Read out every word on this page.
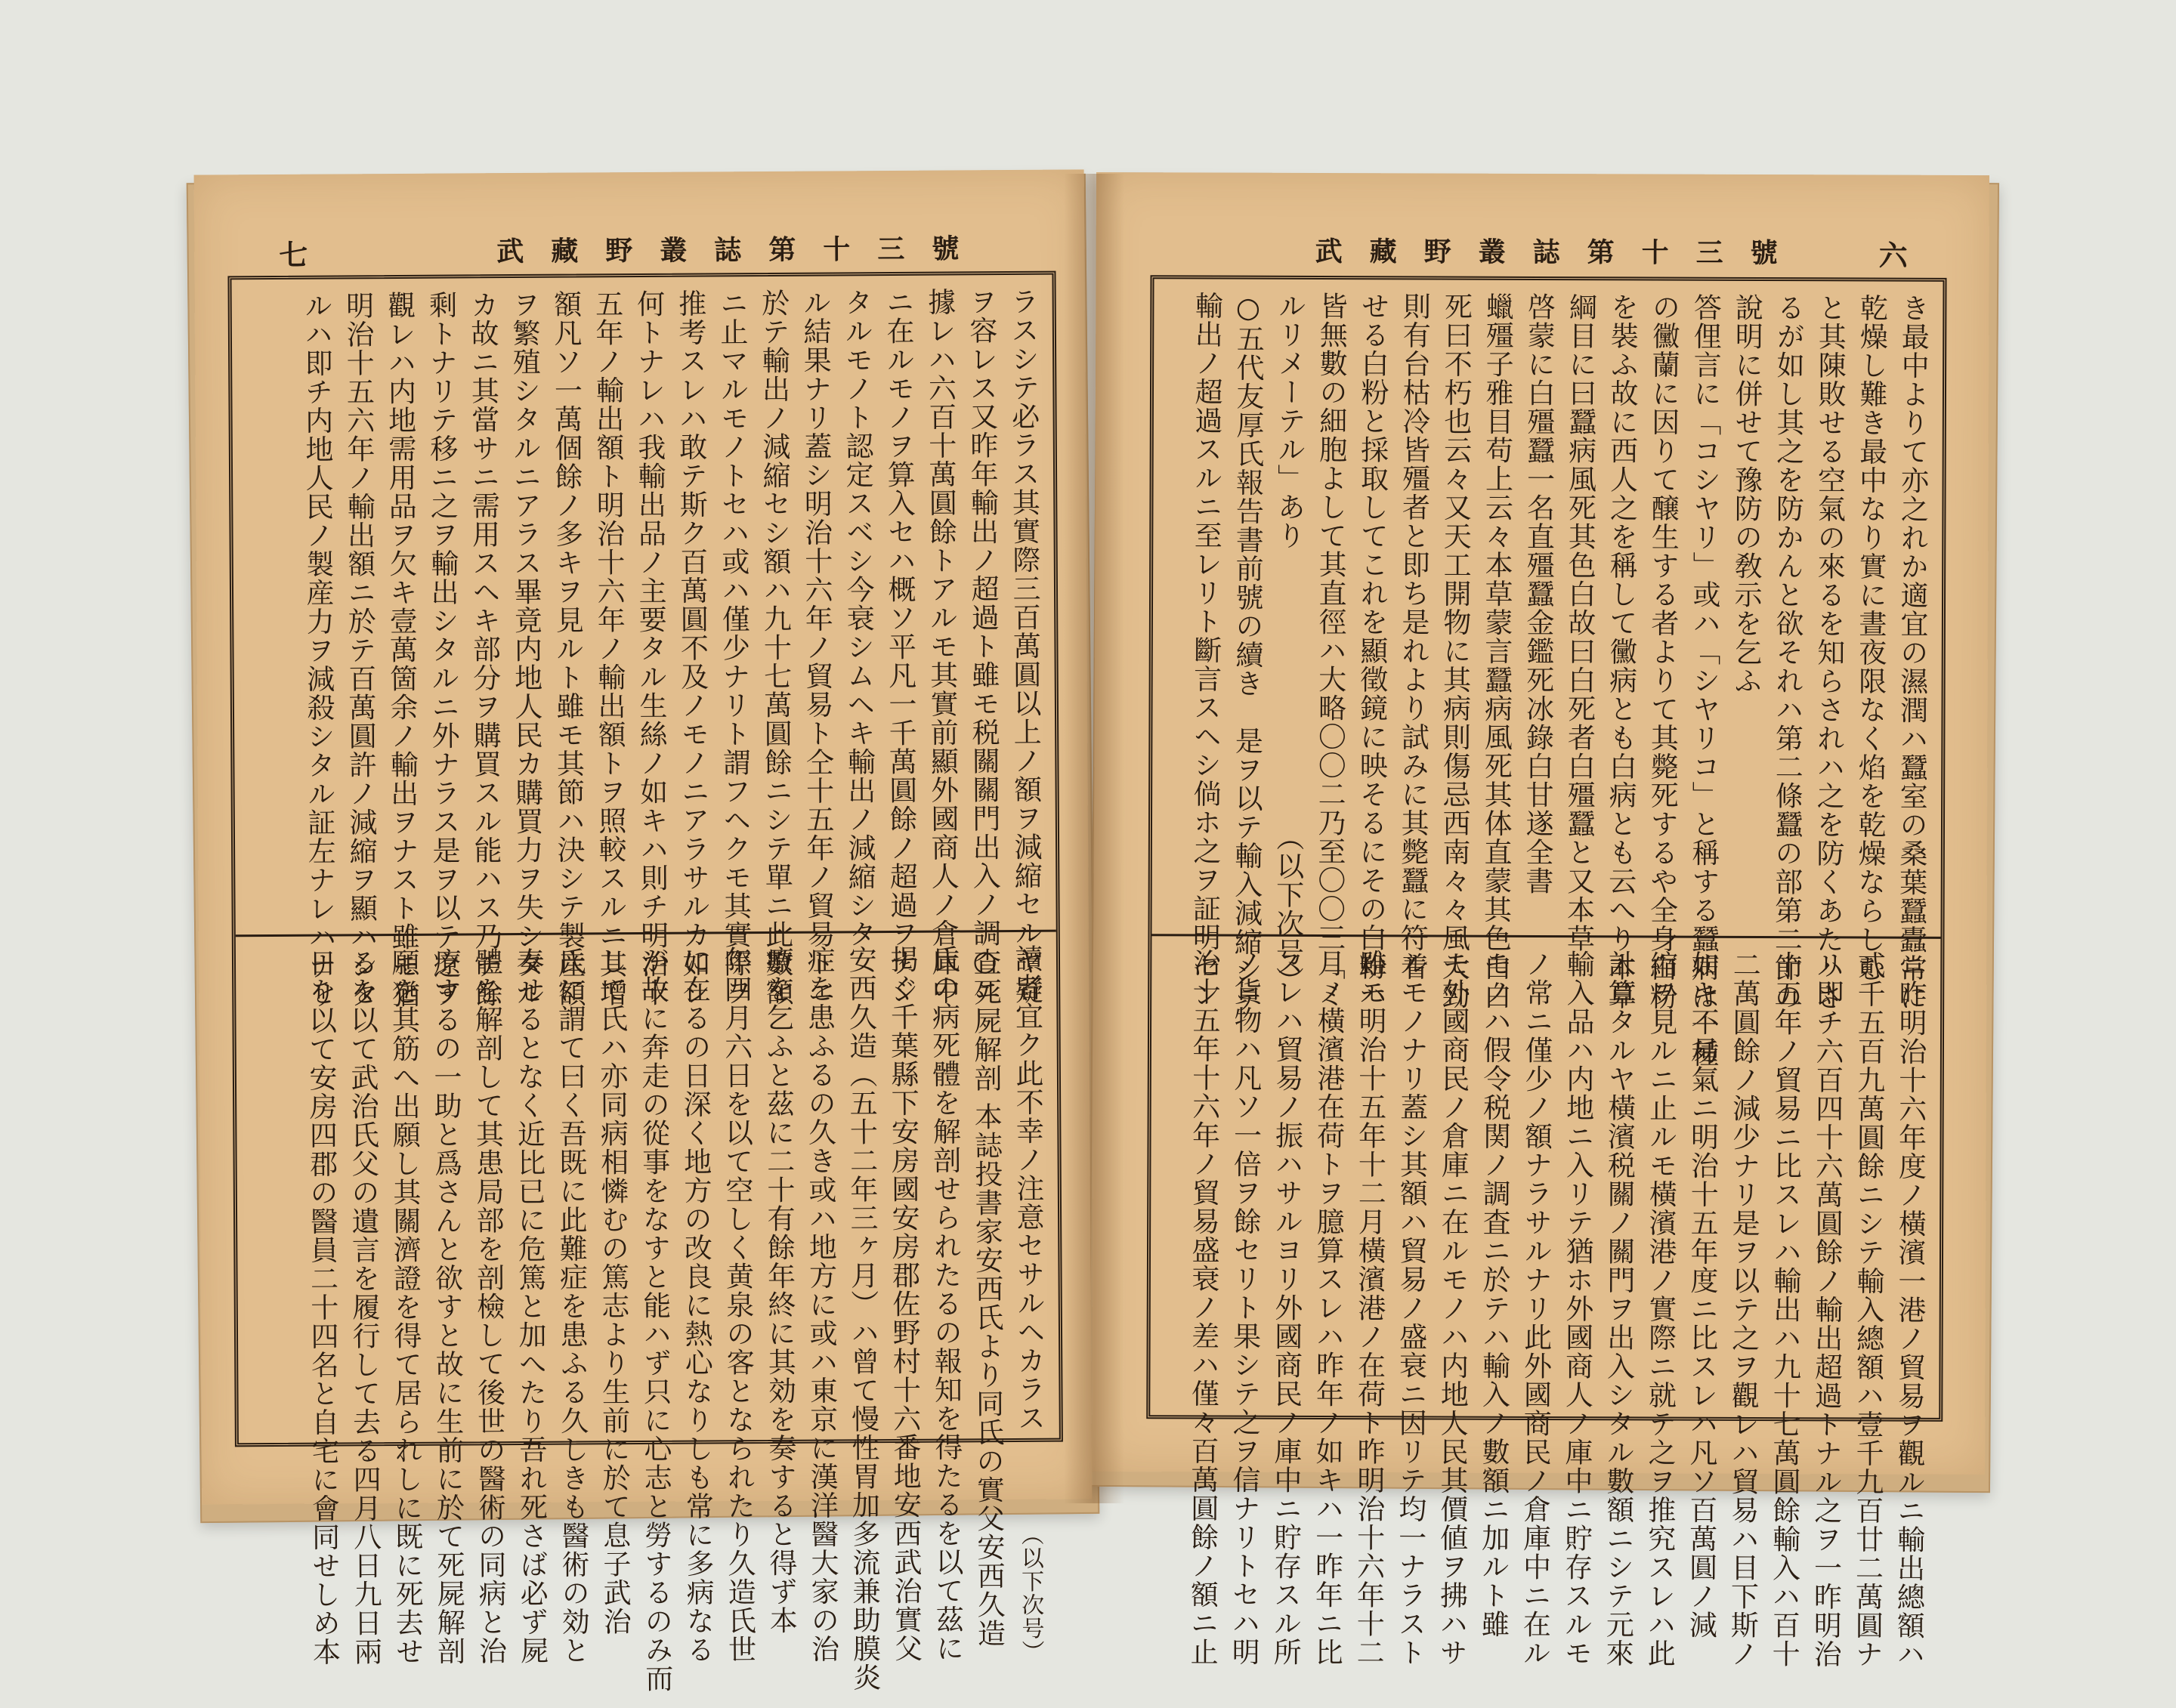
七	武藏野叢誌第十三號
ラスシテ必ラス其實際三百萬圓以上ノ額ヲ減縮セルヤ疑
ヲ容レス又昨年輸出ノ超過ト雖モ税關關門出入ノ調査ニ
據レハ六百十萬圓餘トアルモ其實前顯外國商人ノ倉庫中
ニ在ルモノヲ算入セハ概ソ平凡一千萬圓餘ノ超過ヲナシ
タルモノト認定スベシ今衰シムヘキ輸出ノ減縮シタ
ル結果ナリ蓋シ明治十六年ノ貿易ト仝十五年ノ貿易トニ
於テ輸出ノ減縮セシ額ハ九十七萬圓餘ニシテ單ニ此數額
ニ止マルモノトセハ或ハ僅少ナリト謂フヘクモ其實際ヲ
推考スレハ敢テ斯ク百萬圓不及ノモノニアラサルカ如シ
何トナレハ我輸出品ノ主要タル生絲ノ如キハ則チ明治十
五年ノ輸出額ト明治十六年ノ輸出額トヲ照較スルニ其增
額凡ソ一萬個餘ノ多キヲ見ルト雖モ其節ハ決シテ製産額
ヲ繁殖シタルニアラス畢竟内地人民カ購買力ヲ失シタル
カ故ニ其當サニ需用スヘキ部分ヲ購買スル能ハス乃チ餘
剩トナリテ移ニ之ヲ輸出シタルニ外ナラス是ヲ以テ之ヲ
觀レハ内地需用品ヲ欠キ壹萬箇余ノ輸出ヲナスト雖モ猶
明治十五六年ノ輸出額ニ於テ百萬圓許ノ減縮ヲ顯ハシタ
ルハ即チ内地人民ノ製産力ヲ減殺シタル証左ナレハナリ
讀者宜ク此不幸ノ注意セサルヘカラス（以下次号）
○死屍解剖 本誌投書家安西氏より同氏の實父安西久造
氏の病死體を解剖せられたるの報知を得たるを以て茲に
掲ぐ千葉縣下安房國安房郡佐野村十六番地安西武治實父
安西久造（五十二年三ヶ月）ハ曾て慢性胃加多流兼助膜炎
症を患ふるの久き或ハ地方に或ハ東京に漢洋醫大家の治
療を乞ふと茲に二十有餘年終に其効を奏すると得ず本
年四月六日を以て空しく黄泉の客となられたり久造氏世
に在るの日深く地方の改良に熱心なりしも常に多病なる
が故に奔走の從事をなすと能ハず只に心志と勞するのみ而
して氏ハ亦同病相憐むの篤志より生前に於て息子武治
氏に謂て曰く吾既に此難症を患ふる久しきも醫術の効と
奏せるとなく近比已に危篤と加へたり吾れ死さば必ず屍
體を解剖して其患局部を剖檢して後世の醫術の同病と治
療するの一助と爲さんと欲すと故に生前に於て死屍解剖
願を其筋へ出願し其關濟證を得て居られしに既に死去せ
るを以て武治氏父の遺言を履行して去る四月八日九日兩
日を以て安房四郡の醫員二十四名と自宅に會同せしめ本
武藏野叢誌第十三號	六
き最中よりて亦之れか適宜の濕潤ハ蠶室の桑葉蠶蠹常に
乾燥し難き最中なり實に晝夜限なく焰を乾燥ならしむ
と其陳敗せる空氣の來るを知らされハ之を防くあたハさ
るが如し其之を防かんと欲それハ第二條蠶の部第二節の
說明に併せて豫防の敎示を乞ふ
答俚言に「コシヤリ」或ハ「シヤリコ」と稱する蠶病は一種
の黴蘭に因りて醸生する者よりて其斃死するや全身白粉
を裝ふ故に西人之を稱して黴病とも白病とも云へり本草
綱目に曰蠶病風死其色白故曰白死者白殭蠶と又本草
啓蒙に白殭蠶一名直殭蠶金鑑死冰錄白甘遂全書
蠟殭子雅目苟上云々本草蒙言蠶病風死其体直蒙其色白白
死曰不朽也云々又天工開物に其病則傷忌西南々々風大勁
則有台枯冷皆殭者と即ち是れより試みに其斃蠶に符着
せる白粉と採取してこれを顯徵鏡に映そるにその白粉ハ
皆無數の細胞よして其直徑ハ大略〇〇二乃至〇〇三「ミ
ルリメーテル」あり　　　　　　　　　　（以下次号）
○五代友厚氏報告書前號の續き　是ヲ以テ輸入減縮シテ
輸出ノ超過スルニ至レリト斷言スヘシ倘ホ之ヲ証明セン
ニ昨明治十六年度ノ橫濱一港ノ貿易ヲ觀ルニ輸出總額ハ
貳千五百九萬圓餘ニシテ輸入總額ハ壹千九百廿二萬圓ナ
リ即チ六百四十六萬圓餘ノ輸出超過トナル之ヲ一昨明治
十五年ノ貿易ニ比スレハ輸出ハ九十七萬圓餘輸入ハ百十
二萬圓餘ノ減少ナリ是ヲ以テ之ヲ觀レハ貿易ハ目下斯ノ
如キ不易氣ニ明治十五年度ニ比スレハ凡ソ百萬圓ノ減
縮ヲ見ルニ止ルモ橫濱港ノ實際ニ就テ之ヲ推究スレハ此
計算タルヤ橫濱税關ノ關門ヲ出入シタル數額ニシテ元來
輸入品ハ内地ニ入リテ猶ホ外國商人ノ庫中ニ貯存スルモ
ノ常ニ僅少ノ額ナラサルナリ此外國商民ノ倉庫中ニ在ル
モノハ假令税関ノ調査ニ於テハ輸入ノ數額ニ加ルト雖
モ外國商民ノ倉庫ニ在ルモノハ内地人民其價値ヲ拂ハサ
ルモノナリ蓋シ其額ハ貿易ノ盛衰ニ因リテ均一ナラスト
雖モ明治十五年十二月橫濱港ノ在荷ト昨明治十六年十二
月ノ橫濱港在荷トヲ臆算スレハ昨年ノ如キハ一昨年ニ比
スレハ貿易ノ振ハサルヨリ外國商民ノ庫中ニ貯存スル所
ノ貨物ハ凡ソ一倍ヲ餘セリト果シテ之ヲ信ナリトセハ明
治十五年十六年ノ貿易盛衰ノ差ハ僅々百萬圓餘ノ額ニ止
